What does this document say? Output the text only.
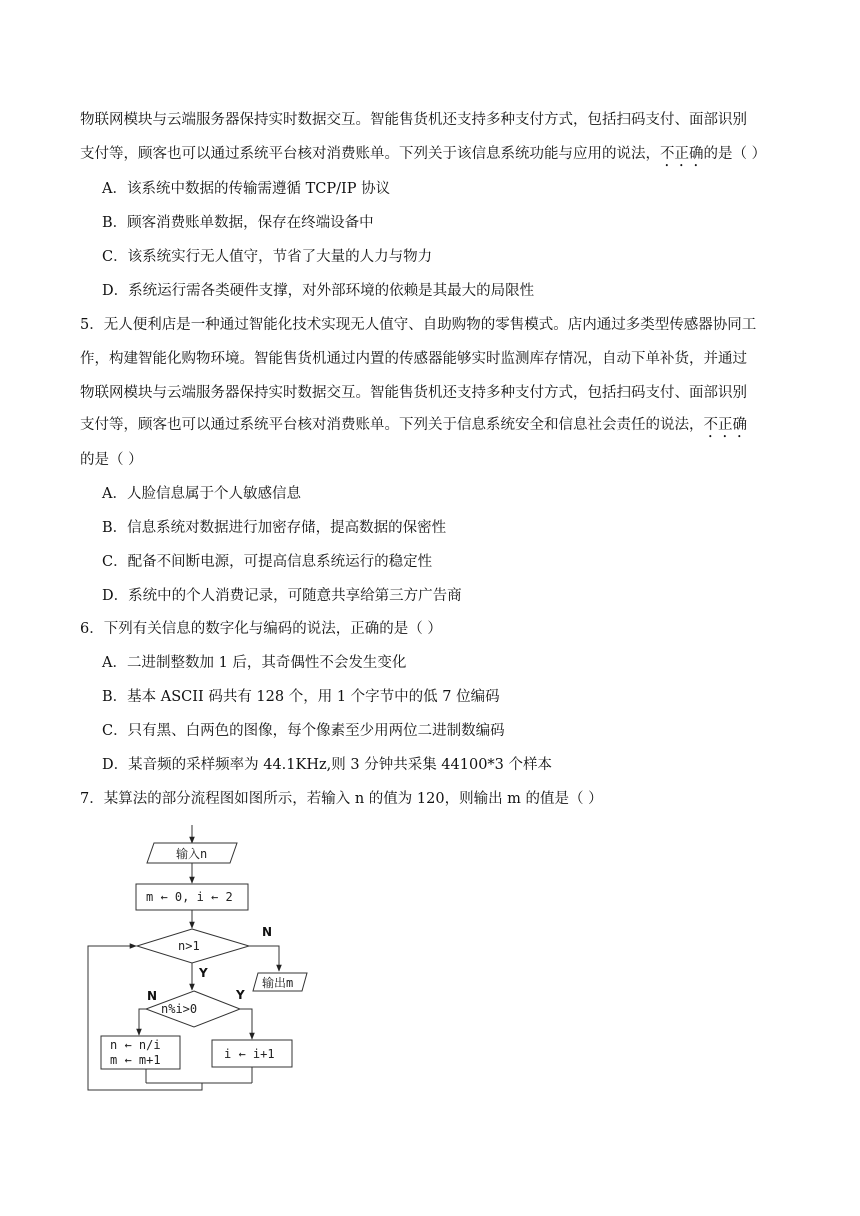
物联网模块与云端服务器保持实时数据交互。智能售货机还支持多种支付方式，包括扫码支付、面部识别
支付等，顾客也可以通过系统平台核对消费账单。下列关于该信息系统功能与应用的说法，不正确的是（ ）
A．该系统中数据的传输需遵循 TCP/IP 协议
B．顾客消费账单数据，保存在终端设备中
C．该系统实行无人值守，节省了大量的人力与物力
D．系统运行需各类硬件支撑，对外部环境的依赖是其最大的局限性
5．无人便利店是一种通过智能化技术实现无人值守、自助购物的零售模式。店内通过多类型传感器协同工
作，构建智能化购物环境。智能售货机通过内置的传感器能够实时监测库存情况，自动下单补货，并通过
物联网模块与云端服务器保持实时数据交互。智能售货机还支持多种支付方式，包括扫码支付、面部识别
支付等，顾客也可以通过系统平台核对消费账单。下列关于信息系统安全和信息社会责任的说法，不正确
的是（ ）
A．人脸信息属于个人敏感信息
B．信息系统对数据进行加密存储，提高数据的保密性
C．配备不间断电源，可提高信息系统运行的稳定性
D．系统中的个人消费记录，可随意共享给第三方广告商
6．下列有关信息的数字化与编码的说法，正确的是（ ）
A．二进制整数加 1 后，其奇偶性不会发生变化
B．基本 ASCII 码共有 128 个，用 1 个字节中的低 7 位编码
C．只有黑、白两色的图像，每个像素至少用两位二进制数编码
D．某音频的采样频率为 44.1KHz,则 3 分钟共采集 44100*3 个样本
7．某算法的部分流程图如图所示，若输入 n 的值为 120，则输出 m 的值是（ ）
输入n
m ← 0, i ← 2
n>1
n%i>0
输出m
n ← n/i
m ← m+1	i ← i+1
N
Y
N	Y
